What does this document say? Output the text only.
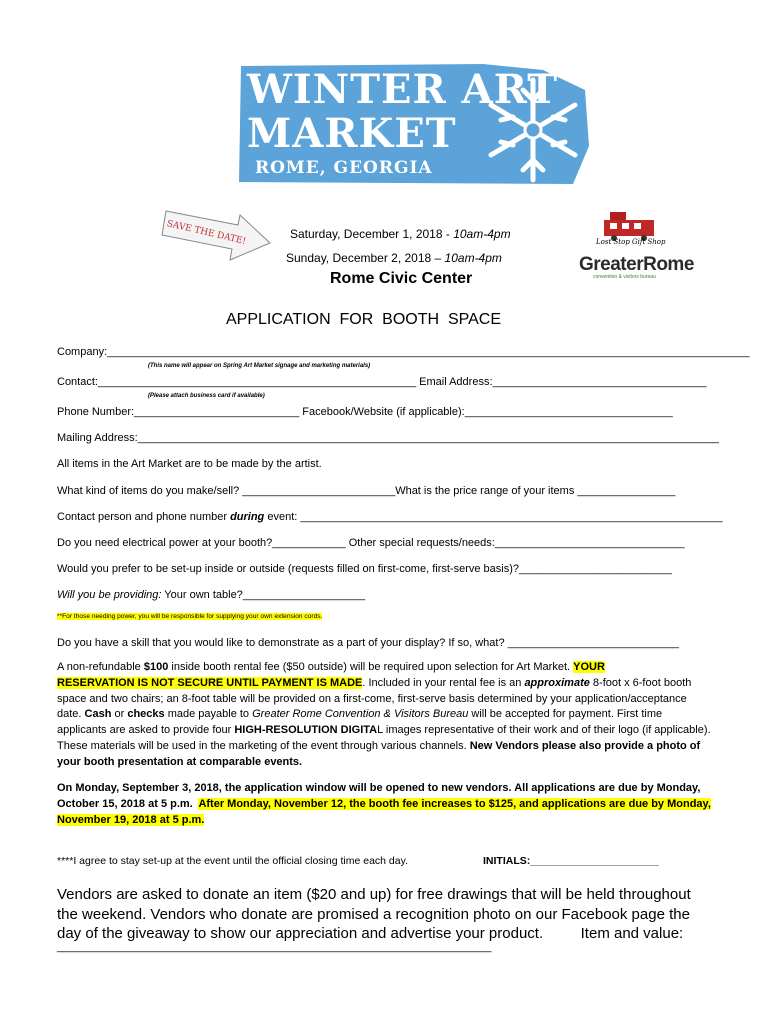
WINTER ART
MARKET
ROME, GEORGIA
SAVE THE DATE!	Saturday, December 1, 2018 - 10am-4pm
Sunday, December 2, 2018 – 10am-4pm
Rome Civic Center
Lost Stop Gift Shop
GreaterRome
convention & visitors bureau
APPLICATION  FOR  BOOTH  SPACE
Company:_________________________________________________________________________________________________________
(This name will appear on Spring Art Market signage and marketing materials)
Contact:____________________________________________________ Email Address:___________________________________
(Please attach business card if available)
Phone Number:___________________________ Facebook/Website (if applicable):__________________________________
Mailing Address:_______________________________________________________________________________________________
All items in the Art Market are to be made by the artist.
What kind of items do you make/sell? _________________________What is the price range of your items ________________
Contact person and phone number during event: _____________________________________________________________________
Do you need electrical power at your booth?____________ Other special requests/needs:_______________________________
Would you prefer to be set-up inside or outside (requests filled on first-come, first-serve basis)?_________________________
Will you be providing: Your own table?____________________
**For those needing power, you will be responsible for supplying your own extension cords.
Do you have a skill that you would like to demonstrate as a part of your display? If so, what? ____________________________
A non-refundable $100 inside booth rental fee ($50 outside) will be required upon selection for Art Market. YOUR
RESERVATION IS NOT SECURE UNTIL PAYMENT IS MADE. Included in your rental fee is an approximate 8-foot x 6-foot booth space and two chairs; an 8-foot table will be provided on a first-come, first-serve basis determined by your application/acceptance date. Cash or checks made payable to Greater Rome Convention & Visitors Bureau will be accepted for payment. First time applicants are asked to provide four HIGH-RESOLUTION DIGITAL images representative of their work and of their logo (if applicable). These materials will be used in the marketing of the event through various channels. New Vendors please also provide a photo of your booth presentation at comparable events.
On Monday, September 3, 2018, the application window will be opened to new vendors. All applications are due by Monday, October 15, 2018 at 5 p.m. After Monday, November 12, the booth fee increases to $125, and applications are due by Monday, November 19, 2018 at 5 p.m.
****I agree to stay set-up at the event until the official closing time each day.	INITIALS:______________________
Vendors are asked to donate an item ($20 and up) for free drawings that will be held throughout the weekend. Vendors who donate are promised a recognition photo on our Facebook page the day of the giveaway to show our appreciation and advertise your product.	Item and value:
_______________________________________________________________________
